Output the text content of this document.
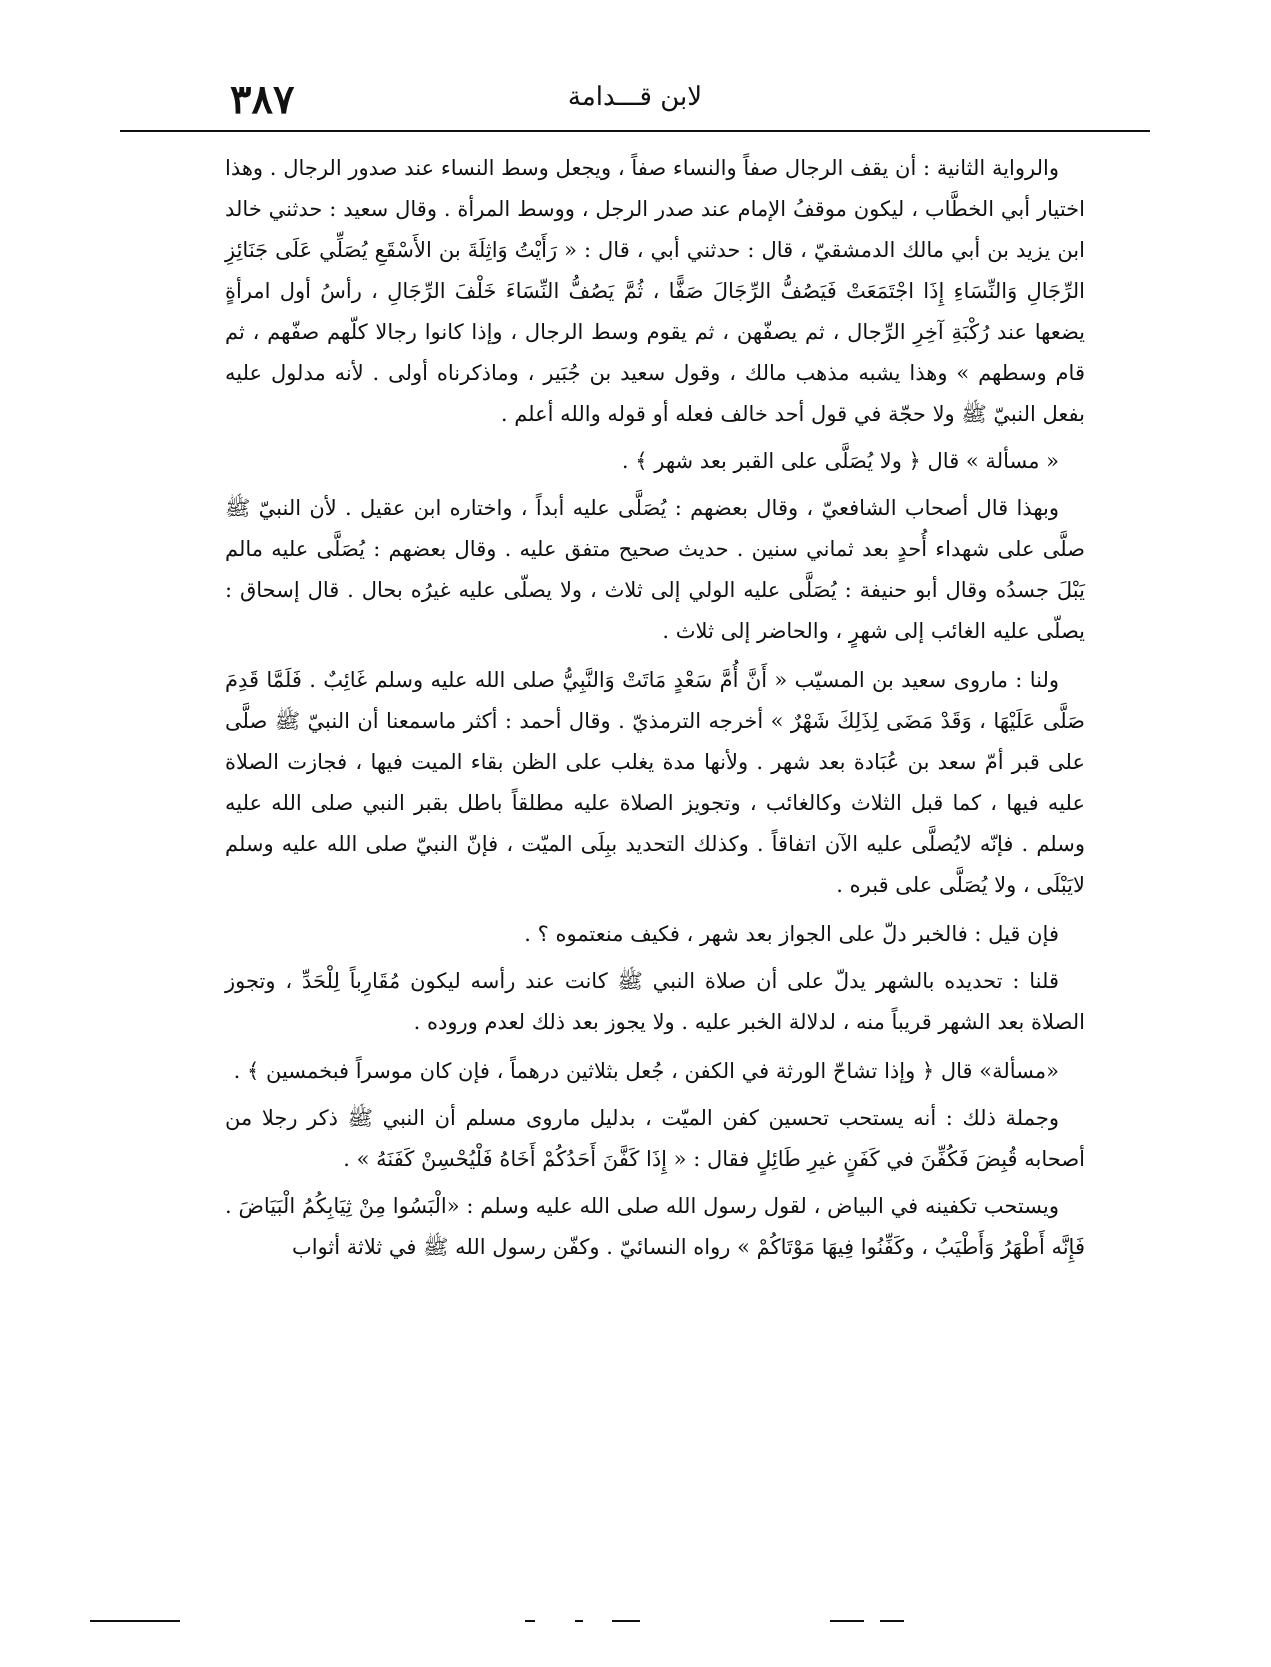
٣٨٧	لابن قـــدامة

والرواية الثانية : أن يقف الرجال صفاً والنساء صفاً ، ويجعل وسط النساء عند صدور الرجال . وهذا اختيار أبي الخطَّاب ، ليكون موقفُ الإمام عند صدر الرجل ، ووسط المرأة . وقال سعيد : حدثني خالد ابن يزيد بن أبي مالك الدمشقيّ ، قال : حدثني أبي ، قال : « رَأَيْتُ وَاثِلَةَ بن الأَسْقَعِ يُصَلِّي عَلَى جَنَائِزِ الرِّجَالِ وَالنِّسَاءِ إِذَا اجْتَمَعَتْ فَيَصُفُّ الرِّجَالَ صَفًّا ، ثُمَّ يَصُفُّ النِّسَاءَ خَلْفَ الرِّجَالِ ، رأسُ أول امرأةٍ يضعها عند رُكْبَةِ آخِرِ الرِّجال ، ثم يصفّهن ، ثم يقوم وسط الرجال ، وإذا كانوا رجالا كلّهم صفّهم ، ثم قام وسطهم » وهذا يشبه مذهب مالك ، وقول سعيد بن جُبَير ، وماذكرناه أولى . لأنه مدلول عليه بفعل النبيّ ﷺ ولا حجّة في قول أحد خالف فعله أو قوله والله أعلم .

« مسألة » قال ﴿ ولا يُصَلَّى على القبر بعد شهر ﴾ .

وبهذا قال أصحاب الشافعيّ ، وقال بعضهم : يُصَلَّى عليه أبداً ، واختاره ابن عقيل . لأن النبيّ ﷺ صلَّى على شهداء أُحدٍ بعد ثماني سنين . حديث صحيح متفق عليه . وقال بعضهم : يُصَلَّى عليه مالم يَبْلَ جسدُه وقال أبو حنيفة : يُصَلَّى عليه الولي إلى ثلاث ، ولا يصلّى عليه غيرُه بحال . قال إسحاق : يصلّى عليه الغائب إلى شهرٍ ، والحاضر إلى ثلاث .

ولنا : ماروى سعيد بن المسيّب « أَنَّ أُمَّ سَعْدٍ مَاتَتْ وَالنَّبِيُّ صلى الله عليه وسلم غَائِبٌ . فَلَمَّا قَدِمَ صَلَّى عَلَيْهَا ، وَقَدْ مَضَى لِذَلِكَ شَهْرٌ » أخرجه الترمذيّ . وقال أحمد : أكثر ماسمعنا أن النبيّ ﷺ صلَّى على قبر أمّ سعد بن عُبَادة بعد شهر . ولأنها مدة يغلب على الظن بقاء الميت فيها ، فجازت الصلاة عليه فيها ، كما قبل الثلاث وكالغائب ، وتجويز الصلاة عليه مطلقاً باطل بقبر النبي صلى الله عليه وسلم . فإنّه لايُصلَّى عليه الآن اتفاقاً . وكذلك التحديد ببِلَى الميّت ، فإنّ النبيّ صلى الله عليه وسلم لايَبْلَى ، ولا يُصَلَّى على قبره .

فإن قيل : فالخبر دلّ على الجواز بعد شهر ، فكيف منعتموه ؟ .

قلنا : تحديده بالشهر يدلّ على أن صلاة النبي ﷺ كانت عند رأسه ليكون مُقَارِباً لِلْحَدِّ ، وتجوز الصلاة بعد الشهر قريباً منه ، لدلالة الخبر عليه . ولا يجوز بعد ذلك لعدم وروده .

«مسألة» قال ﴿ وإذا تشاحّ الورثة في الكفن ، جُعل بثلاثين درهماً ، فإن كان موسراً فبخمسين ﴾ .

وجملة ذلك : أنه يستحب تحسين كفن الميّت ، بدليل ماروى مسلم أن النبي ﷺ ذكر رجلا من أصحابه قُبِضَ فَكُفِّنَ في كَفَنٍ غيرِ طَائِلٍ فقال : « إِذَا كَفَّنَ أَحَدُكُمْ أَخَاهُ فَلْيُحْسِنْ كَفَنَهُ » .

ويستحب تكفينه في البياض ، لقول رسول الله صلى الله عليه وسلم : «الْبَسُوا مِنْ ثِيَابِكُمُ الْبَيَاضَ . فَإِنَّه أَطْهَرُ وَأَطْيَبُ ، وكَفِّنُوا فِيهَا مَوْتَاكُمْ » رواه النسائيّ . وكفّن رسول الله ﷺ في ثلاثة أثواب
